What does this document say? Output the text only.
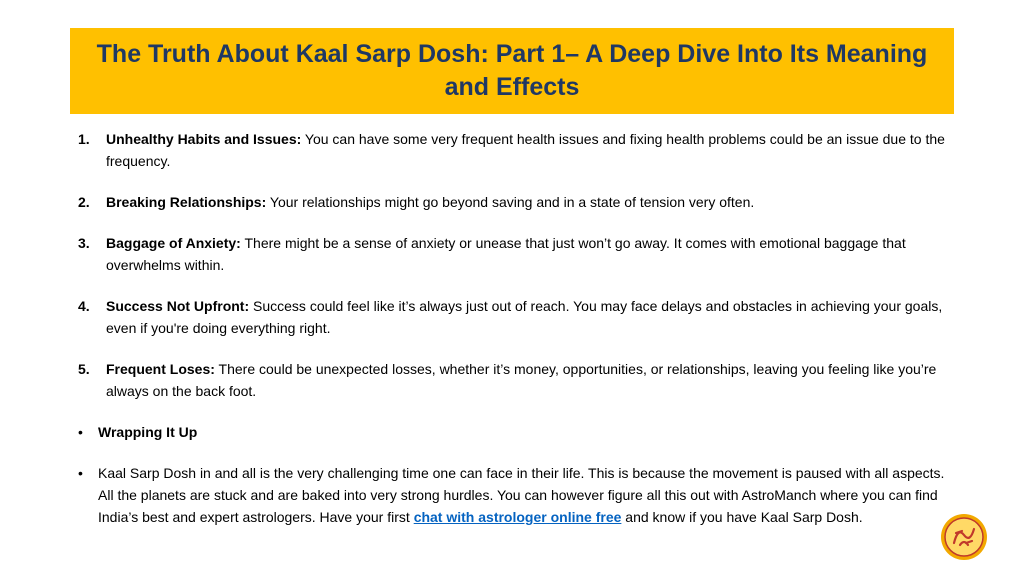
The Truth About Kaal Sarp Dosh: Part 1– A Deep Dive Into Its Meaning and Effects
1.	Unhealthy Habits and Issues: You can have some very frequent health issues and fixing health problems could be an issue due to the frequency.
2.	Breaking Relationships: Your relationships might go beyond saving and in a state of tension very often.
3.	Baggage of Anxiety: There might be a sense of anxiety or unease that just won’t go away. It comes with emotional baggage that overwhelms within.
4.	Success Not Upfront: Success could feel like it’s always just out of reach. You may face delays and obstacles in achieving your goals, even if you're doing everything right.
5.	Frequent Loses: There could be unexpected losses, whether it’s money, opportunities, or relationships, leaving you feeling like you’re always on the back foot.
•	Wrapping It Up
•	Kaal Sarp Dosh in and all is the very challenging time one can face in their life. This is because the movement is paused with all aspects. All the planets are stuck and are baked into very strong hurdles. You can however figure all this out with AstroManch where you can find India’s best and expert astrologers. Have your first chat with astrologer online free and know if you have Kaal Sarp Dosh.
